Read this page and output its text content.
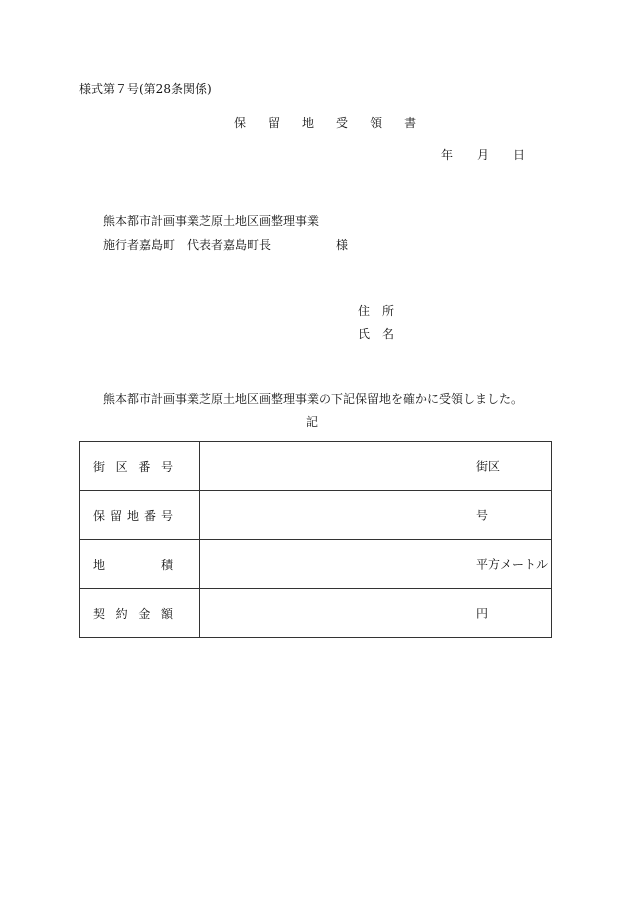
様式第７号(第28条関係)
保 留 地 受 領 書
年 月 日
熊本都市計画事業芝原土地区画整理事業
施行者嘉島町　代表者嘉島町長	様
住 所
氏 名
熊本都市計画事業芝原土地区画整理事業の下記保留地を確かに受領しました。
記
街 区 番 号	街区

保 留 地 番 号	号

地 積	平方メートル

契 約 金 額	円
